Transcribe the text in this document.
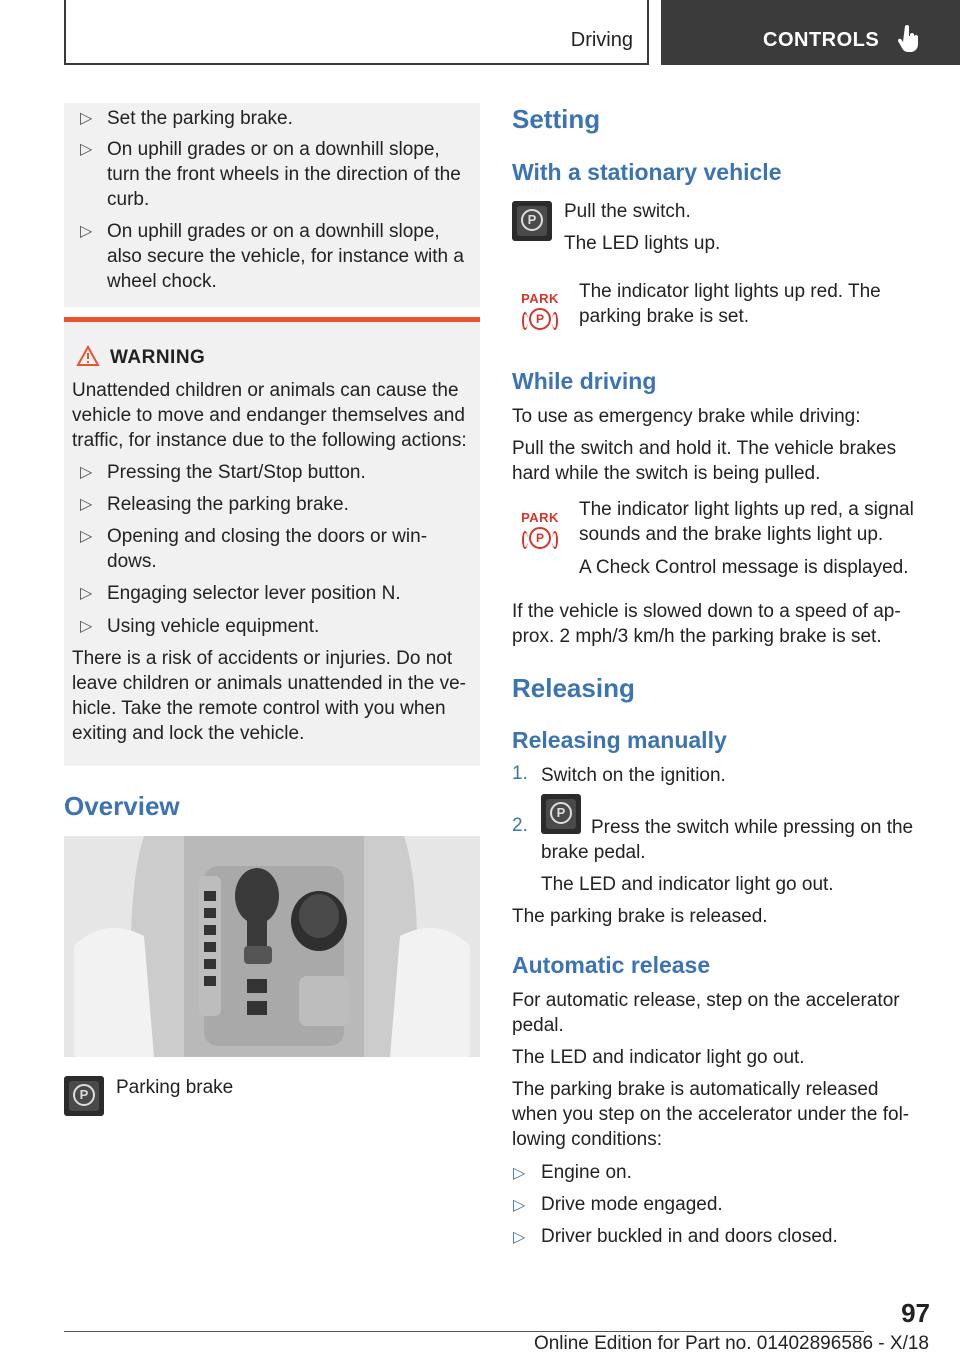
Driving	CONTROLS
▷ Set the parking brake.
▷ On uphill grades or on a downhill slope, turn the front wheels in the direction of the curb.
▷ On uphill grades or on a downhill slope, also secure the vehicle, for instance with a wheel chock.
WARNING
Unattended children or animals can cause the vehicle to move and endanger themselves and traffic, for instance due to the following actions:
▷ Pressing the Start/Stop button.
▷ Releasing the parking brake.
▷ Opening and closing the doors or win-dows.
▷ Engaging selector lever position N.
▷ Using vehicle equipment.
There is a risk of accidents or injuries. Do not leave children or animals unattended in the ve-hicle. Take the remote control with you when exiting and lock the vehicle.
Overview
P	Parking brake
Setting
With a stationary vehicle
P	Pull the switch.
The LED lights up.
PARK
P
The indicator light lights up red. The parking brake is set.
While driving
To use as emergency brake while driving:
Pull the switch and hold it. The vehicle brakes hard while the switch is being pulled.
PARK
P
The indicator light lights up red, a signal sounds and the brake lights light up.
A Check Control message is displayed.
If the vehicle is slowed down to a speed of ap-prox. 2 mph/3 km/h the parking brake is set.
Releasing
Releasing manually
1. Switch on the ignition.
2.
P
Press the switch while pressing on the
brake pedal.
The LED and indicator light go out.
The parking brake is released.
Automatic release
For automatic release, step on the accelerator pedal.
The LED and indicator light go out.
The parking brake is automatically released when you step on the accelerator under the fol-lowing conditions:
▷ Engine on.
▷ Drive mode engaged.
▷ Driver buckled in and doors closed.
97
Online Edition for Part no. 01402896586 - X/18
